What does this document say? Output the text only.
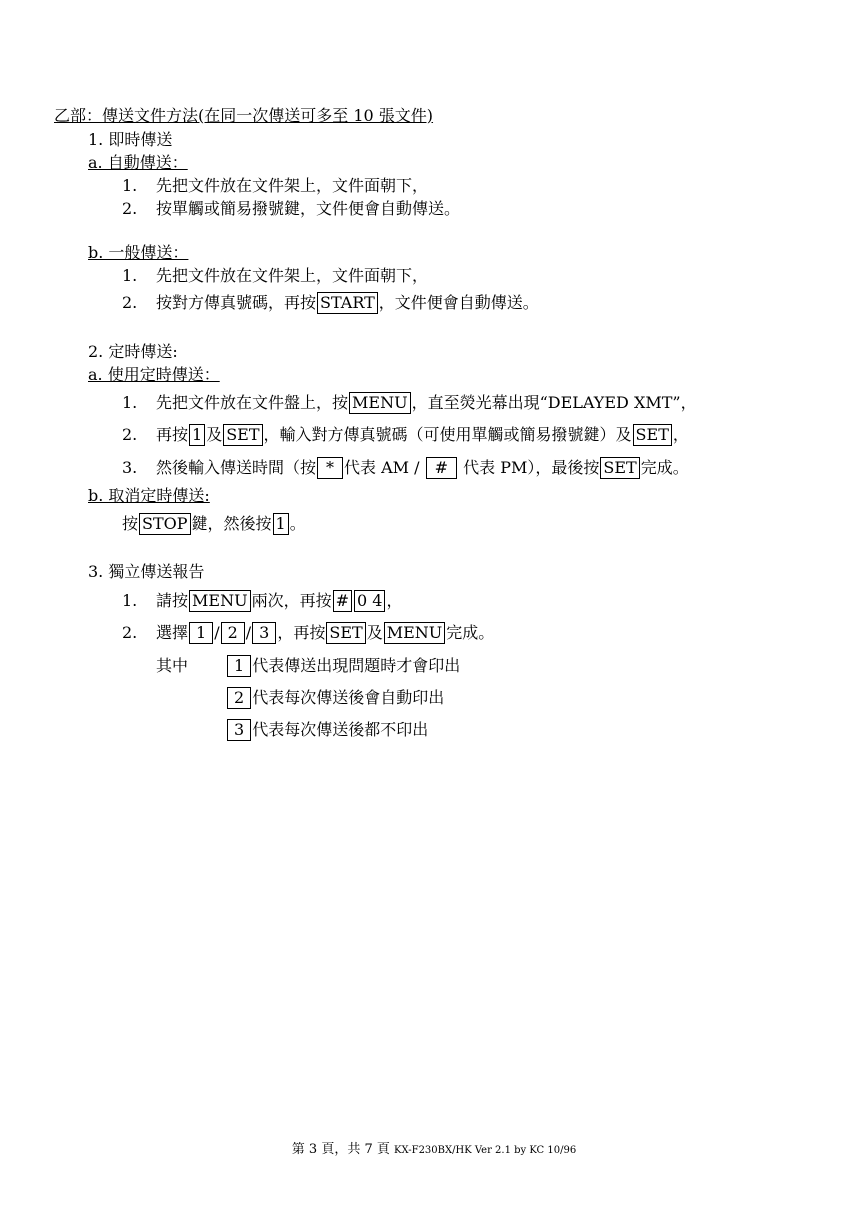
乙部：傳送文件方法(在同一次傳送可多至 10 張文件)
1. 即時傳送
a. 自動傳送：
1. 先把文件放在文件架上，文件面朝下，
2. 按單觸或簡易撥號鍵，文件便會自動傳送。
b. 一般傳送：
1. 先把文件放在文件架上，文件面朝下，
2. 按對方傳真號碼，再按 START ，文件便會自動傳送。
2. 定時傳送:
a. 使用定時傳送：
1. 先把文件放在文件盤上，按 MENU ，直至熒光幕出現“DELAYED XMT”，
2. 再按 1 及 SET ，輸入對方傳真號碼（可使用單觸或簡易撥號鍵）及 SET ，
3. 然後輸入傳送時間（按 * 代表 AM / # 代表 PM），最後按 SET 完成。
b. 取消定時傳送:
按 STOP 鍵，然後按 1 。
3. 獨立傳送報告
1. 請按 MENU 兩次，再按 # 0 4 ，
2. 選擇 1 / 2 / 3 ，再按 SET 及 MENU 完成。
其中	1 代表傳送出現問題時才會印出
2 代表每次傳送後會自動印出
3 代表每次傳送後都不印出
第 3 頁，共 7 頁 KX-F230BX/HK Ver 2.1 by KC 10/96
